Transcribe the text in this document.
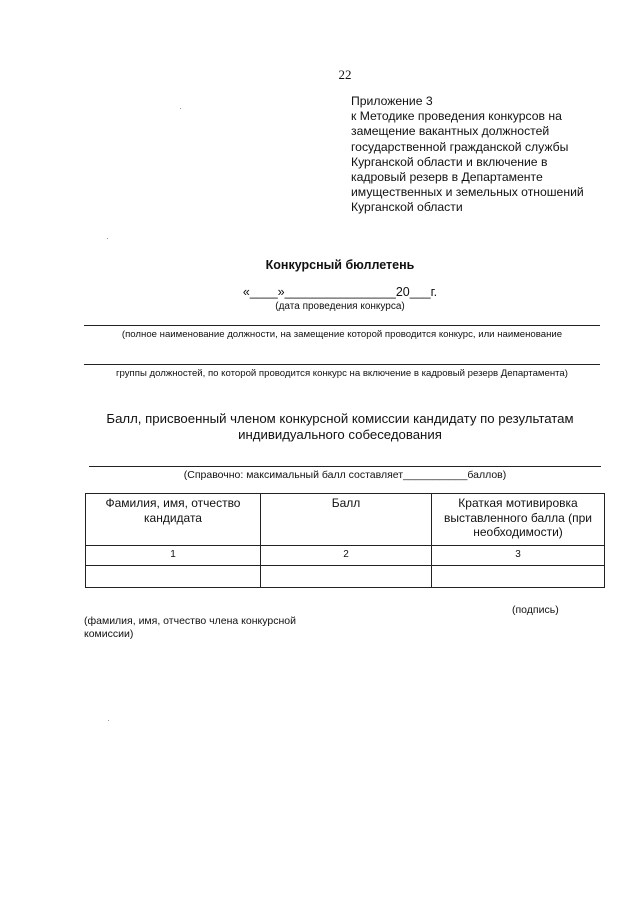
22
Приложение 3
к Методике проведения конкурсов на
замещение вакантных должностей
государственной гражданской службы
Курганской области и включение в
кадровый резерв в Департаменте
имущественных и земельных отношений
Курганской области
Конкурсный бюллетень
«____»________________20___г.
(дата проведения конкурса)
(полное наименование должности, на замещение которой проводится конкурс, или наименование
группы должностей, по которой проводится конкурс на включение в кадровый резерв Департамента)
Балл, присвоенный членом конкурсной комиссии кандидату по результатам
индивидуального собеседования
(Справочно: максимальный балл составляет___________баллов)
Фамилия, имя, отчество кандидата	Балл	Краткая мотивировка выставленного балла (при необходимости)
1	2	3

(подпись)
(фамилия, имя, отчество члена конкурсной комиссии)
